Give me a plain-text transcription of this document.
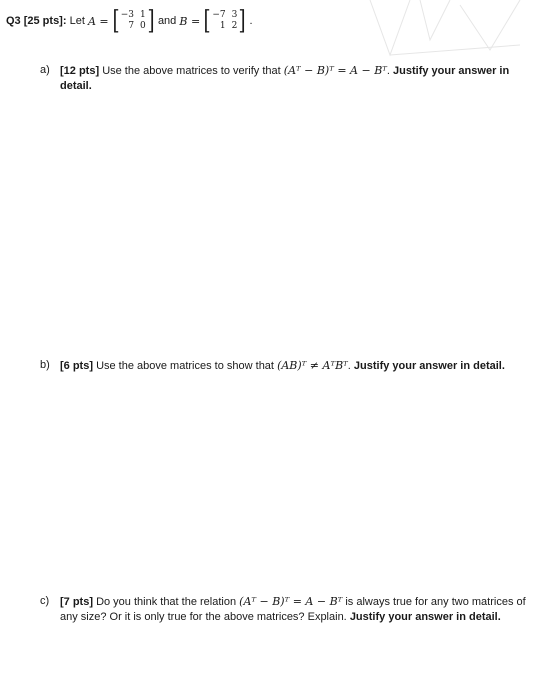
Q3 [25 pts]:
Let
A = [ −3 1
7 0 ] and
B = [ −7 3
1 2 ] .
a) [12 pts] Use the above matrices to verify that (Aᵀ − B)ᵀ = A − Bᵀ. Justify your answer in detail.
b) [6 pts] Use the above matrices to show that (AB)ᵀ ≠ AᵀBᵀ. Justify your answer in detail.
c) [7 pts] Do you think that the relation (Aᵀ − B)ᵀ = A − Bᵀ is always true for any two matrices of any size? Or it is only true for the above matrices? Explain. Justify your answer in detail.
